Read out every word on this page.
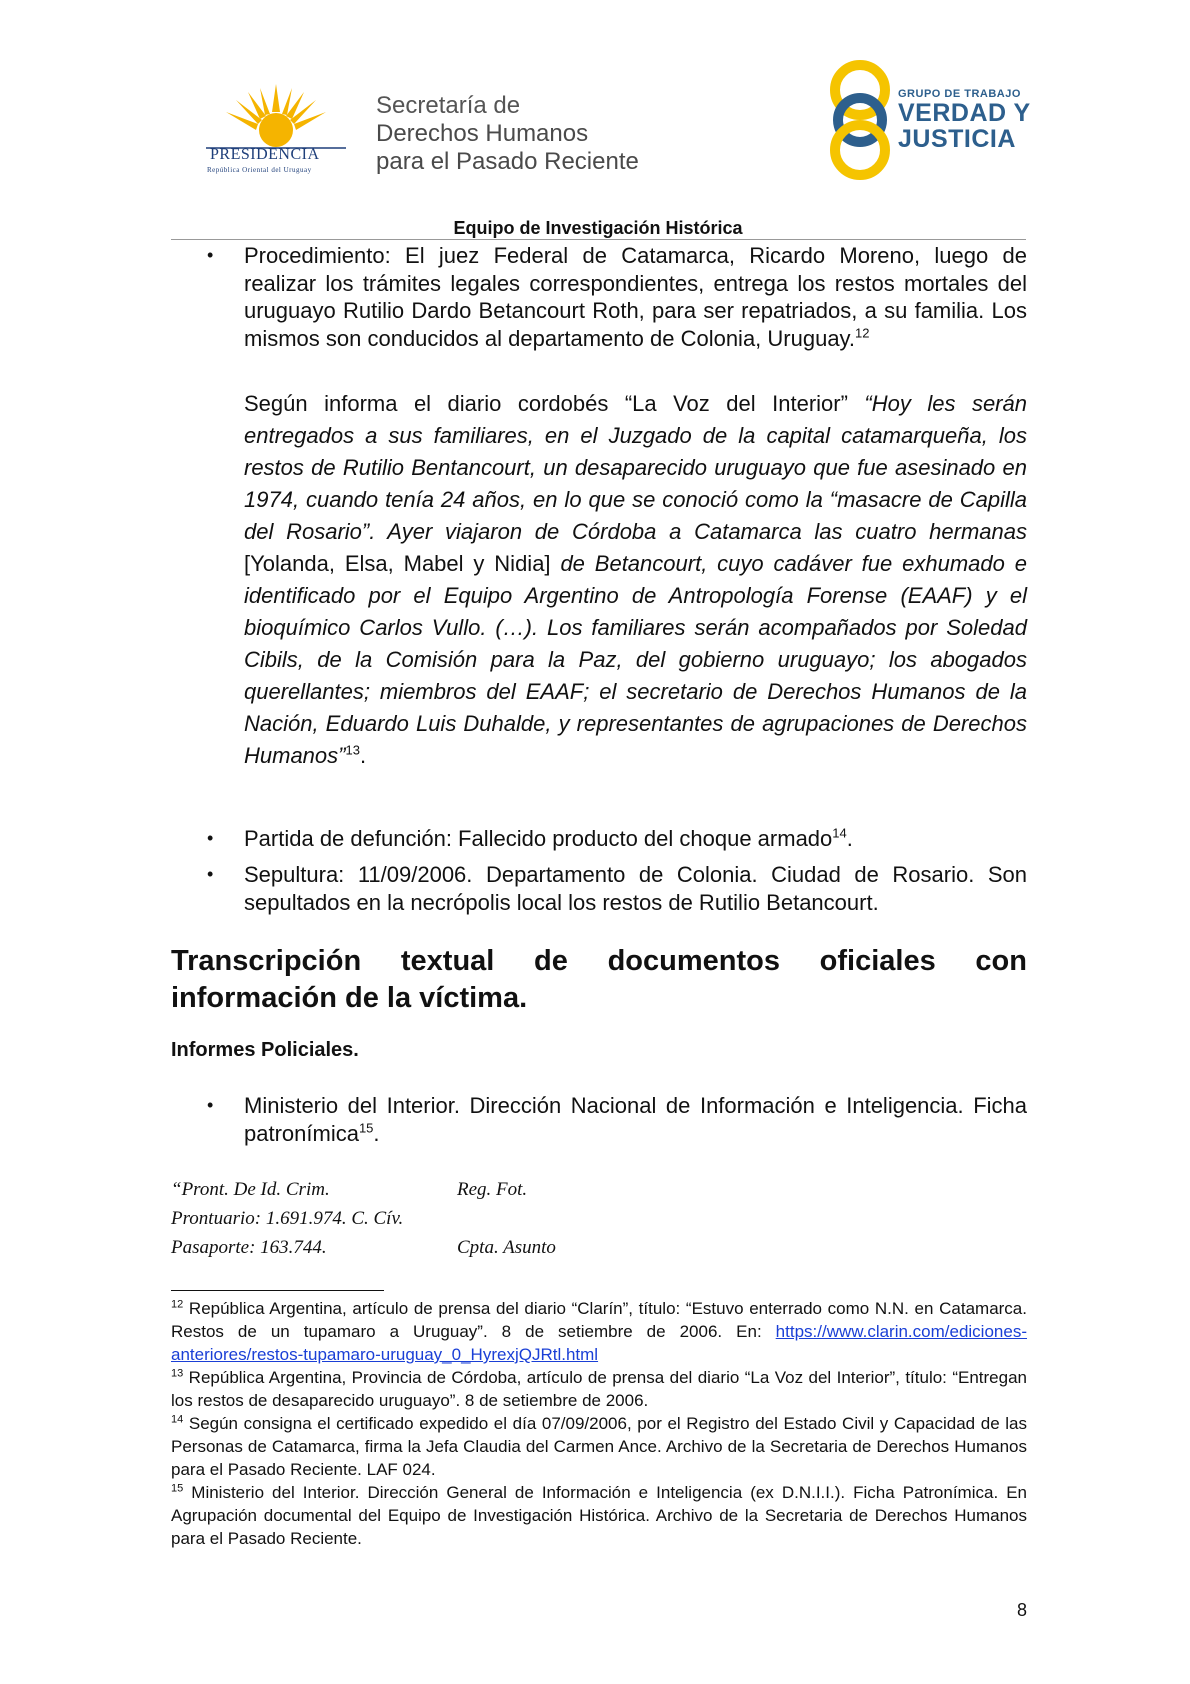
PRESIDENCIA
República Oriental del Uruguay
Secretaría de
Derechos Humanos
para el Pasado Reciente
GRUPO DE TRABAJO
VERDAD Y
JUSTICIA
Equipo de Investigación Histórica
• Procedimiento: El juez Federal de Catamarca, Ricardo Moreno, luego de realizar los trámites legales correspondientes, entrega los restos mortales del uruguayo Rutilio Dardo Betancourt Roth, para ser repatriados, a su familia. Los mismos son conducidos al departamento de Colonia, Uruguay.$^{12}$
Según informa el diario cordobés “La Voz del Interior” “Hoy les serán entregados a sus familiares, en el Juzgado de la capital catamarqueña, los restos de Rutilio Bentancourt, un desaparecido uruguayo que fue asesinado en 1974, cuando tenía 24 años, en lo que se conoció como la “masacre de Capilla del Rosario”. Ayer viajaron de Córdoba a Catamarca las cuatro hermanas [Yolanda, Elsa, Mabel y Nidia] de Betancourt, cuyo cadáver fue exhumado e identificado por el Equipo Argentino de Antropología Forense (EAAF) y el bioquímico Carlos Vullo. (…). Los familiares serán acompañados por Soledad Cibils, de la Comisión para la Paz, del gobierno uruguayo; los abogados querellantes; miembros del EAAF; el secretario de Derechos Humanos de la Nación, Eduardo Luis Duhalde, y representantes de agrupaciones de Derechos Humanos”$^{13}$.
• Partida de defunción: Fallecido producto del choque armado$^{14}$.
• Sepultura: 11/09/2006. Departamento de Colonia. Ciudad de Rosario. Son sepultados en la necrópolis local los restos de Rutilio Betancourt.
Transcripción textual de documentos oficiales con información de la víctima.
Informes Policiales.
• Ministerio del Interior. Dirección Nacional de Información e Inteligencia. Ficha patronímica$^{15}$.
“Pront. De Id. Crim.	Reg. Fot.
Prontuario: 1.691.974. C. Cív.
Pasaporte: 163.744.	Cpta. Asunto

$^{12}$ República Argentina, artículo de prensa del diario “Clarín”, título: “Estuvo enterrado como N.N. en Catamarca. Restos de un tupamaro a Uruguay”. 8 de setiembre de 2006. En: https://www.clarin.com/ediciones-anteriores/restos-tupamaro-uruguay_0_HyrexjQJRtl.html

$^{13}$ República Argentina, Provincia de Córdoba, artículo de prensa del diario “La Voz del Interior”, título: “Entregan los restos de desaparecido uruguayo”. 8 de setiembre de 2006.

$^{14}$ Según consigna el certificado expedido el día 07/09/2006, por el Registro del Estado Civil y Capacidad de las Personas de Catamarca, firma la Jefa Claudia del Carmen Ance. Archivo de la Secretaria de Derechos Humanos para el Pasado Reciente. LAF 024.

$^{15}$ Ministerio del Interior. Dirección General de Información e Inteligencia (ex D.N.I.I.). Ficha Patronímica. En Agrupación documental del Equipo de Investigación Histórica. Archivo de la Secretaria de Derechos Humanos para el Pasado Reciente.

8
